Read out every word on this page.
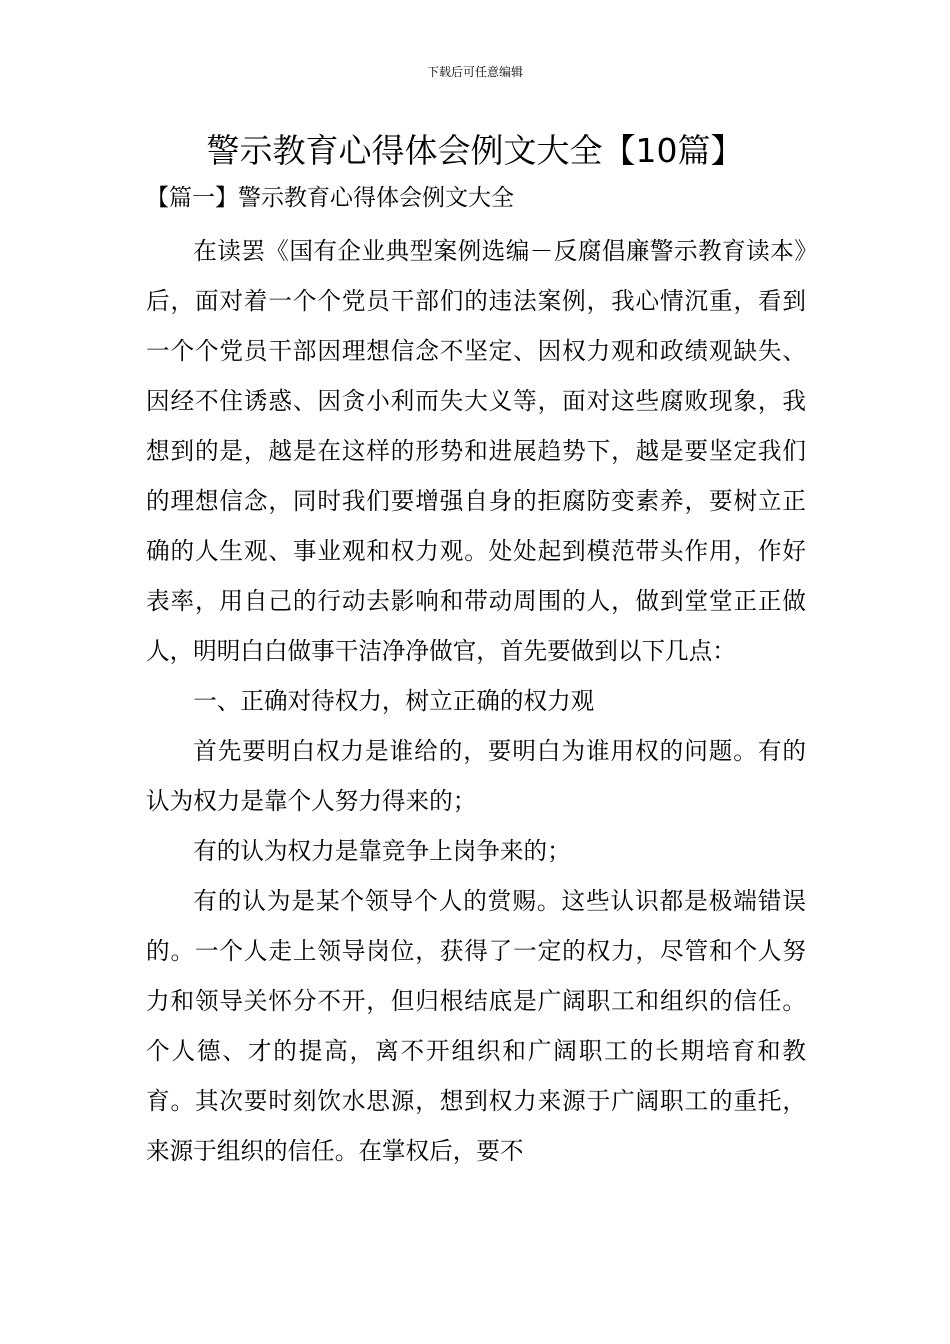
下载后可任意编辑
警示教育心得体会例文大全【10篇】

【篇一】警示教育心得体会例文大全

在读罢《国有企业典型案例选编－反腐倡廉警示教育读本》后，面对着一个个党员干部们的违法案例，我心情沉重，看到一个个党员干部因理想信念不坚定、因权力观和政绩观缺失、因经不住诱惑、因贪小利而失大义等，面对这些腐败现象，我想到的是，越是在这样的形势和进展趋势下，越是要坚定我们的理想信念，同时我们要增强自身的拒腐防变素养，要树立正确的人生观、事业观和权力观。处处起到模范带头作用，作好表率，用自己的行动去影响和带动周围的人，做到堂堂正正做人，明明白白做事干洁净净做官，首先要做到以下几点：

一、正确对待权力，树立正确的权力观

首先要明白权力是谁给的，要明白为谁用权的问题。有的认为权力是靠个人努力得来的；

有的认为权力是靠竞争上岗争来的；

有的认为是某个领导个人的赏赐。这些认识都是极端错误的。一个人走上领导岗位，获得了一定的权力，尽管和个人努力和领导关怀分不开，但归根结底是广阔职工和组织的信任。个人德、才的提高，离不开组织和广阔职工的长期培育和教育。其次要时刻饮水思源，想到权力来源于广阔职工的重托，来源于组织的信任。在掌权后，要不
